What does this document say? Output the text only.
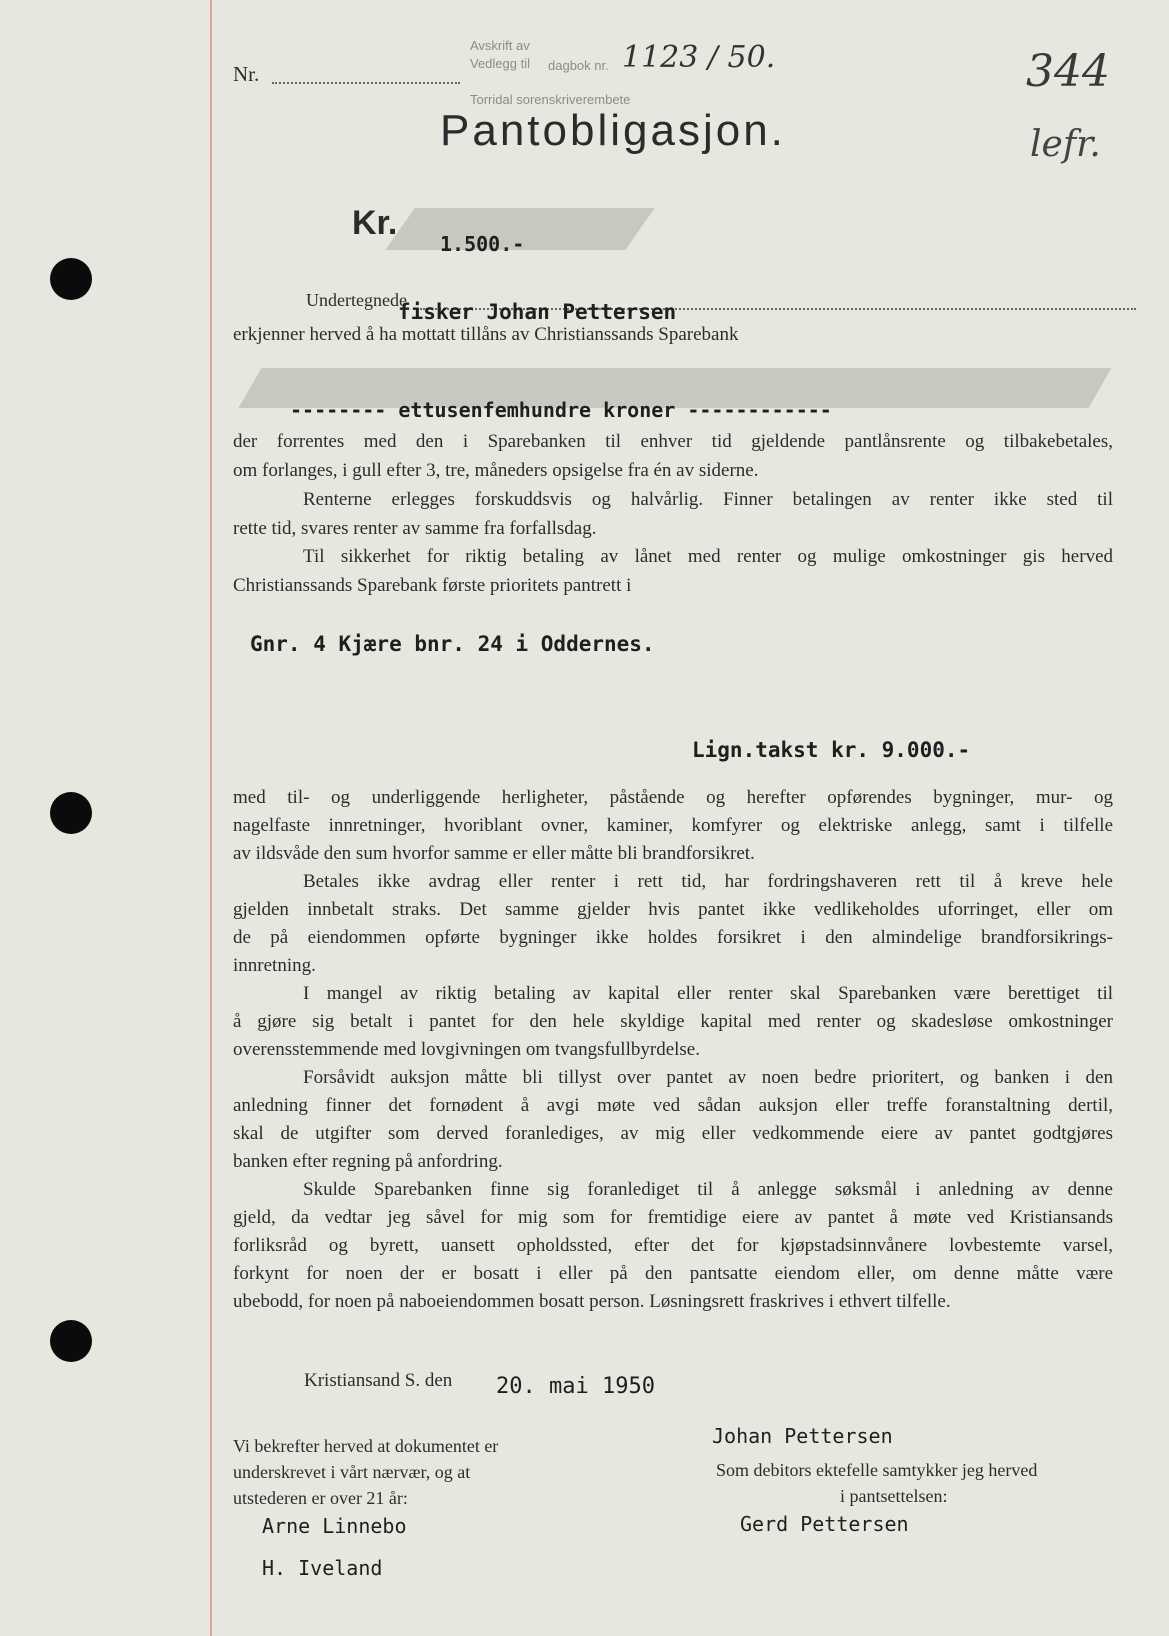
Nr.
Avskrift av
Vedlegg til
Torridal sorenskriverembete
dagbok nr. 1123 / 50.	344
lefr.
Pantobligasjon.
Kr.
1.500.-
Undertegnede
fisker Johan Pettersen
erkjenner herved å ha mottatt tillåns av Christianssands Sparebank
-------- ettusenfemhundre kroner ------------
der forrentes med den i Sparebanken til enhver tid gjeldende pantlånsrente og tilbakebetales,
om forlanges, i gull efter 3, tre, måneders opsigelse fra én av siderne.
Renterne erlegges forskuddsvis og halvårlig. Finner betalingen av renter ikke sted til
rette tid, svares renter av samme fra forfallsdag.
Til sikkerhet for riktig betaling av lånet med renter og mulige omkostninger gis herved
Christianssands Sparebank første prioritets pantrett i
Gnr. 4 Kjære bnr. 24 i Oddernes.
Lign.takst kr. 9.000.-
med til- og underliggende herligheter, påstående og herefter opførendes bygninger, mur- og
nagelfaste innretninger, hvoriblant ovner, kaminer, komfyrer og elektriske anlegg, samt i tilfelle
av ildsvåde den sum hvorfor samme er eller måtte bli brandforsikret.
Betales ikke avdrag eller renter i rett tid, har fordringshaveren rett til å kreve hele
gjelden innbetalt straks. Det samme gjelder hvis pantet ikke vedlikeholdes uforringet, eller om
de på eiendommen opførte bygninger ikke holdes forsikret i den almindelige brandforsikrings-
innretning.
I mangel av riktig betaling av kapital eller renter skal Sparebanken være berettiget til
å gjøre sig betalt i pantet for den hele skyldige kapital med renter og skadesløse omkostninger
overensstemmende med lovgivningen om tvangsfullbyrdelse.
Forsåvidt auksjon måtte bli tillyst over pantet av noen bedre prioritert, og banken i den
anledning finner det fornødent å avgi møte ved sådan auksjon eller treffe foranstaltning dertil,
skal de utgifter som derved foranlediges, av mig eller vedkommende eiere av pantet godtgjøres
banken efter regning på anfordring.
Skulde Sparebanken finne sig foranlediget til å anlegge søksmål i anledning av denne
gjeld, da vedtar jeg såvel for mig som for fremtidige eiere av pantet å møte ved Kristiansands
forliksråd og byrett, uansett opholdssted, efter det for kjøpstadsinnvånere lovbestemte varsel,
forkynt for noen der er bosatt i eller på den pantsatte eiendom eller, om denne måtte være
ubebodd, for noen på naboeiendommen bosatt person. Løsningsrett fraskrives i ethvert tilfelle.
Kristiansand S. den 20. mai 1950
Vi bekrefter herved at dokumentet er
underskrevet i vårt nærvær, og at
utstederen er over 21 år:
Arne Linnebo
H. Iveland
Johan Pettersen
Som debitors ektefelle samtykker jeg herved
i pantsettelsen:
Gerd Pettersen
